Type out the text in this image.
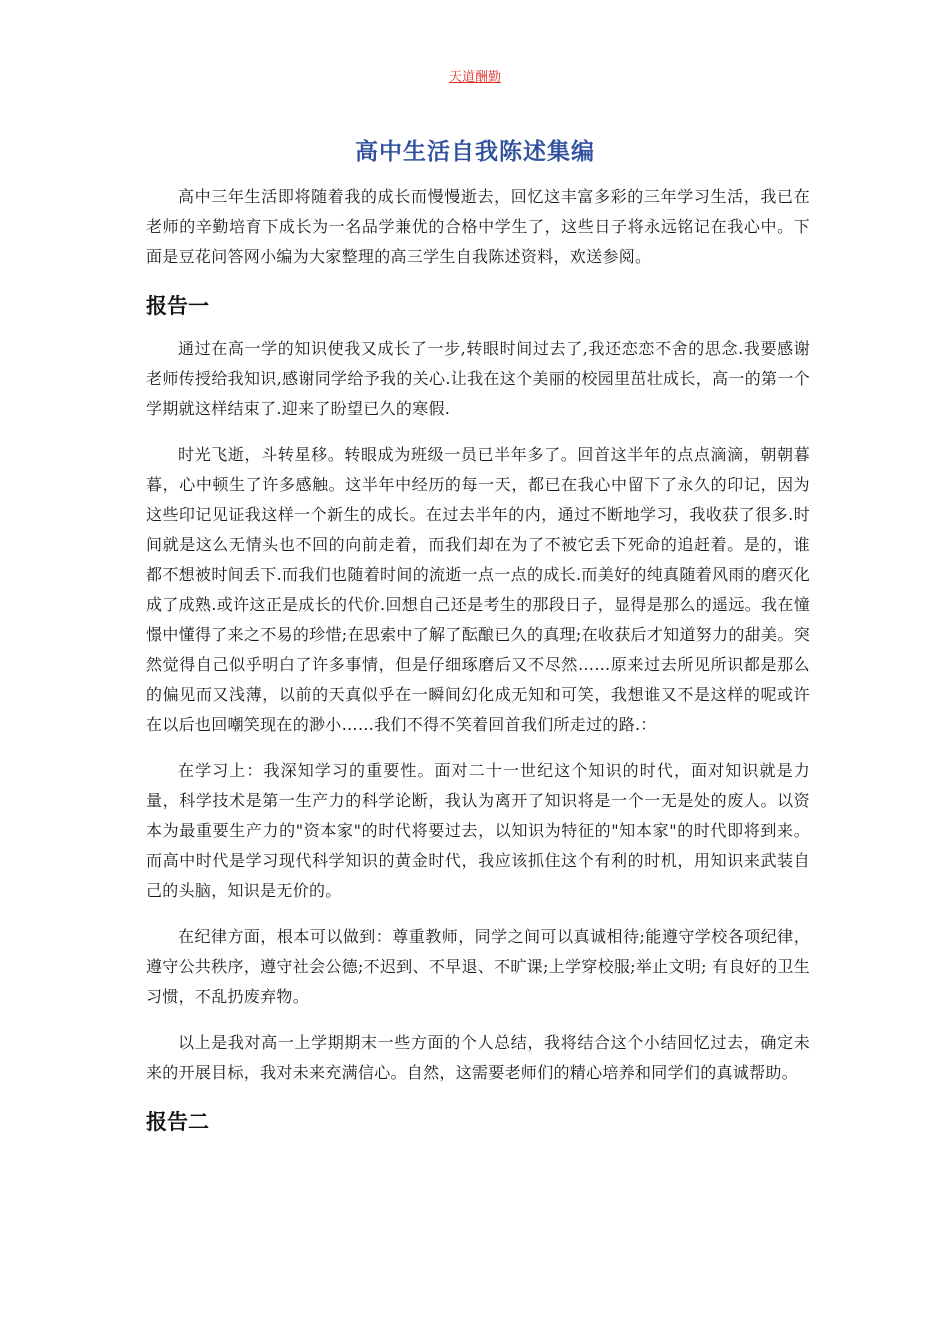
天道酬勤
高中生活自我陈述集编

高中三年生活即将随着我的成长而慢慢逝去，回忆这丰富多彩的三年学习生活，我已在老师的辛勤培育下成长为一名品学兼优的合格中学生了，这些日子将永远铭记在我心中。下面是豆花问答网小编为大家整理的高三学生自我陈述资料，欢送参阅。

报告一

通过在高一学的知识使我又成长了一步,转眼时间过去了,我还恋恋不舍的思念.我要感谢老师传授给我知识,感谢同学给予我的关心.让我在这个美丽的校园里茁壮成长，高一的第一个学期就这样结束了.迎来了盼望已久的寒假.

时光飞逝，斗转星移。转眼成为班级一员已半年多了。回首这半年的点点滴滴，朝朝暮暮，心中顿生了许多感触。这半年中经历的每一天，都已在我心中留下了永久的印记，因为这些印记见证我这样一个新生的成长。在过去半年的内，通过不断地学习，我收获了很多.时间就是这么无情头也不回的向前走着，而我们却在为了不被它丢下死命的追赶着。是的，谁都不想被时间丢下.而我们也随着时间的流逝一点一点的成长.而美好的纯真随着风雨的磨灭化成了成熟.或许这正是成长的代价.回想自己还是考生的那段日子，显得是那么的遥远。我在憧憬中懂得了来之不易的珍惜;在思索中了解了酝酿已久的真理;在收获后才知道努力的甜美。突然觉得自己似乎明白了许多事情，但是仔细琢磨后又不尽然……原来过去所见所识都是那么的偏见而又浅薄，以前的天真似乎在一瞬间幻化成无知和可笑，我想谁又不是这样的呢或许在以后也回嘲笑现在的渺小……我们不得不笑着回首我们所走过的路.：

在学习上：我深知学习的重要性。面对二十一世纪这个知识的时代，面对知识就是力量，科学技术是第一生产力的科学论断，我认为离开了知识将是一个一无是处的废人。以资本为最重要生产力的"资本家"的时代将要过去，以知识为特征的"知本家"的时代即将到来。而高中时代是学习现代科学知识的黄金时代，我应该抓住这个有利的时机，用知识来武装自己的头脑，知识是无价的。

在纪律方面，根本可以做到：尊重教师，同学之间可以真诚相待;能遵守学校各项纪律，遵守公共秩序，遵守社会公德;不迟到、不早退、不旷课;上学穿校服;举止文明; 有良好的卫生习惯，不乱扔废弃物。

以上是我对高一上学期期末一些方面的个人总结，我将结合这个小结回忆过去，确定未来的开展目标，我对未来充满信心。自然，这需要老师们的精心培养和同学们的真诚帮助。

报告二
